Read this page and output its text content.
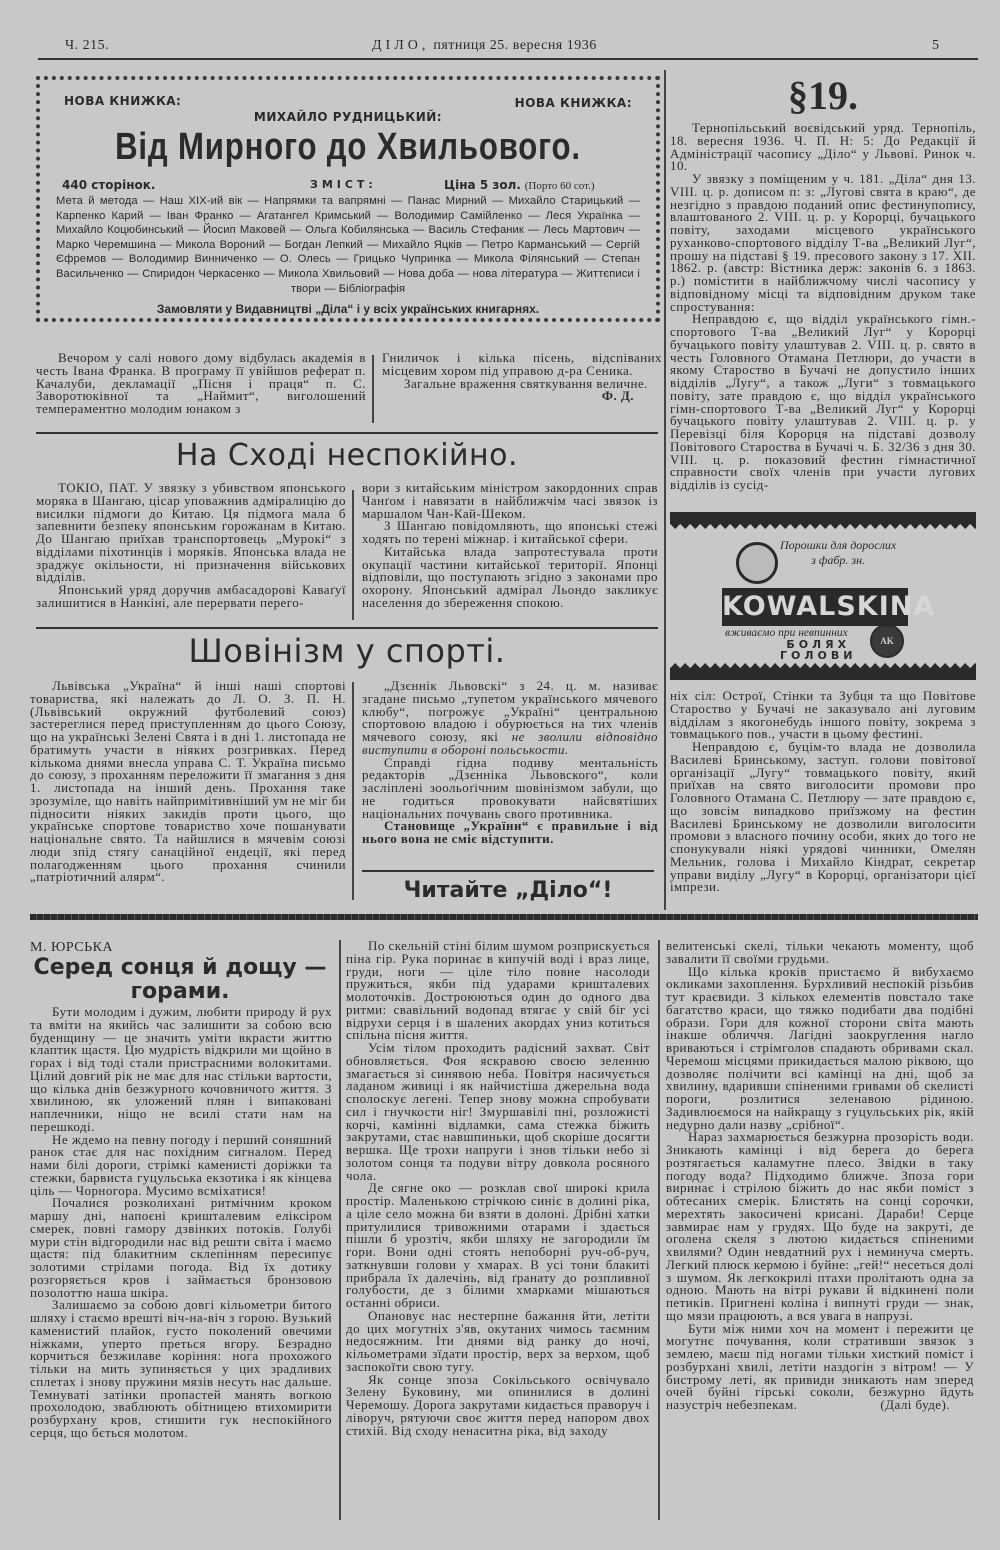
Ч. 215.	ДІЛО, пятниця 25. вересня 1936	5
НОВА КНИЖКА:	НОВА КНИЖКА:
МИХАЙЛО РУДНИЦЬКИЙ:
Від Мирного до Хвильового.
440 сторінок.	ЗМІСТ:	Ціна 5 зол. (Порто 60 сот.)
Мета й метода — Наш XIX-ий вік — Напрямки та вапрямні — Панас Мирний — Михайло Старицький — Карпенко Карий — Іван Франко — Агатангел Кримський — Володимир Самійленко — Леся Українка — Михайло Коцюбинський — Йосип Маковей — Ольга Кобилянська — Василь Стефаник — Лесь Мартович — Марко Черемшина — Микола Вороний — Богдан Лепкий — Михайло Яцків — Петро Карманський — Сергій Єфремов — Володимир Винниченко — О. Олесь — Грицько Чупринка — Микола Філянський — Степан Васильченко — Спиридон Черкасенко — Микола Хвильовий — Нова доба — нова література — Життєписи і твори — Бібліографія
Замовляти у Видавництві „Діла“ і у всіх українських книгарнях.

Вечором у салі нового дому відбулась академія в честь Івана Франка. В програму її увійшов реферат п. Качалуби, декламації „Пісня і праця“ п. С. Заворотюківної та „Наймит“, виголошений темпераментно молодим юнаком з

Гниличок і кілька пісень, відспіваних місцевим хором під управою д-ра Сеника.

Загальне враження святкування величне.

Ф. Д.
На Сході неспокійно.

ТОКІО, ПАТ. У звязку з убивством японського моряка в Шангаю, цісар уповажнив адміралицію до висилки підмоги до Китаю. Ця підмога мала б запевнити безпеку японським горожанам в Китаю. До Шангаю приїхав транспортовець „Мурокі“ з відділами піхотинців і моряків. Японська влада не зраджує окільности, ні призначення військових відділів.

Японський уряд доручив амбасадорові Каваґуї залишитися в Нанкіні, але перервати перего-

вори з китайським міністром закордонних справ Чанґом і навязати в найближчім часі звязок із маршалом Чан-Кай-Шеком.

З Шангаю повідомляють, що японські стежі ходять по терені міжнар. і китайської сфери.

Китайська влада запротестувала проти окупації частини китайської території. Японці відповіли, що поступають згідно з законами про охорону. Японський адмірал Льондо закликує населення до збереження спокою.

Шовінізм у спорті.

Львівська „Україна“ й інші наші спортові товариства, які належать до Л. О. З. П. Н. (Львівський окружний футболевий союз) застереглися перед приступленням до цього Союзу, що на українські Зелені Свята і в дні 1. листопада не братимуть участи в ніяких розгривках. Перед кількома днями внесла управа С. Т. Україна письмо до союзу, з проханням переложити її змагання з дня 1. листопада на інший день. Прохання таке зрозуміле, що навіть найпримітивніший ум не міг би підносити ніяких закидів проти цього, що українське спортове товариство хоче пошанувати національне свято. Та найшлися в мячевім союзі люди зпід стягу санаційної ендеції, які перед полагодженням цього прохання счинили „патріотичний алярм“.

„Дзєннік Львовскі“ з 24. ц. м. називає згадане письмо „тупетом українського мячевого клюбу“, погрожує „Україні“ центральною спортовою владою і обурюється на тих членів мячевого союзу, які не зволили відповідно виступити в обороні польськости.

Справді гідна подиву ментальність редакторів „Дзєнніка Львовского“, коли засліплені зоольоґічним шовінізмом забули, що не годиться провокувати найсвятіших національних почувань свого противника.

Становище „України“ є правильне і від нього вона не сміє відступити.

Читайте „Діло“!
§19.

Тернопільський воєвідський уряд. Тернопіль, 18. вересня 1936. Ч. П. Н: 5: До Редакції й Адміністрації часопису „Діло“ у Львові. Ринок ч. 10.

У звязку з поміщеним у ч. 181. „Діла“ дня 13. VIII. ц. р. дописом п: з: „Лугові свята в краю“, де незгідно з правдою поданий опис фестинупопису, влаштованого 2. VIII. ц. р. у Короpці, бучацького повіту, заходами місцевого українського руханково-спортового відділу Т-ва „Великий Луг“, прошу на підставі § 19. пресового закону з 17. XII. 1862. р. (австр: Вістника держ: законів 6. з 1863. р.) помістити в найближчому числі часопису у відповідному місці та відповідним друком таке спростування:

Неправдою є, що відділ українського гімн.-спортового Т-ва „Великий Луг“ у Короpці бучацького повіту улаштував 2. VIII. ц. р. свято в честь Головного Отамана Петлюри, до участи в якому Староство в Бучачі не допустило інших відділів „Лугу“, а також „Луги“ з товмацького повіту, зате правдою є, що відділ українського гімн-спортового Т-ва „Великий Луг“ у Короpці бучацького повіту улаштував 2. VIII. ц. р. у Перевізці біля Короpця на підставі дозволу Повітового Староства в Бучачі ч. Б. 32/36 з дня 30. VIII. ц. р. показовий фестин гімнастичної справности своїх членів при участи лугових відділів із сусід-

Порошки для дорослих
з фабр. зн.
KOWALSKINA
вживаємо при невпинних
БОЛЯХ
ГОЛОВИ
AK

ніх сіл: Острої, Стінки та Зубця та що Повітове Староство у Бучачі не заказувало ані луговим відділам з якогонебудь іншого повіту, зокрема з товмацького пов., участи в цьому фестині.

Неправдою є, буцім-то влада не дозволила Василеві Бринському, заступ. голови повітової організації „Лугу“ товмацького повіту, який приїхав на свято виголосити промови про Головного Отамана С. Петлюру — зате правдою є, що зовсім випадково приїзжому на фестин Василеві Бринському не дозволили виголосити промови з власного почину особи, яких до того не спонукували ніякі урядові чинники, Омелян Мельник, голова і Михайло Кіндрат, секретар управи виділу „Лугу“ в Короpці, організатори цієї імпрези.

М. ЮРСЬКА
Серед сонця й дощу — горами.

Бути молодим і дужим, любити природу й рух та вміти на якийсь час залишити за собою всю буденщину — це значить уміти вкрасти життю клаптик щастя. Цю мудрість відкрили ми щойно в горах і від тоді стали пристрасними волокитами. Цілий довгий рік не має для нас стільки вартости, що кілька днів безжурного кочовничого життя. З хвилиною, як уложений плян і випаковані наплечники, ніщо не всилі стати нам на перешкоді.

Не ждемо на певну погоду і перший соняшний ранок стає для нас похідним сигналом. Перед нами білі дороги, стрімкі каменисті доріжки та стежки, барвиста гуцульська екзотика і як кінцева ціль — Чорногора. Мусимо всміхатися!

Почалися розколихані ритмічним кроком маршу дні, напоєні кришталевим еліксіром смерек, повні гамору дзвінких потоків. Голубі мури стін відгородили нас від решти світа і маємо щастя: під блакитним склепінням пересипує золотими стрілами погода. Від їх дотику розгоряється кров і займається бронзовою позолоттю наша шкіра.

Залишаємо за собою довгі кільометри битого шляху і стаємо врешті віч-на-віч з горою. Вузький каменистий плайок, густо поколений овечими ніжками, уперто преться вгору. Безрадно корчиться безжилаве коріння: нога прохожого тільки на мить зупиняється у цих зрадливих сплетах і знову пружини мязів несуть нас дальше. Темнуваті затінки пропастей манять вогкою прохолодою, зваблюють обітницею втихомирити розбурхану кров, стишити гук неспокійного серця, що бється молотом.

По скельній стіні білим шумом розприскується піна гір. Рука поринає в кипучій воді і враз лице, груди, ноги — ціле тіло повне насолоди пружиться, якби під ударами кришталевих молоточків. Достроюються один до одного два ритми: свавільний водопад втягає у свій біг усі відрухи серця і в шалених акордах униз котиться спільна пісня життя.

Усім тілом проходить радісний захват. Світ обновляється. Фоя яскравою своєю зеленню змагається зі синявою неба. Повітря насичується ладаном живиці і як найчистіша джерельна вода сполоскує легені. Тепер знову можна спробувати сил і гнучкости ніг! Змуршавілі пні, розложисті корчі, камінні відламки, сама стежка біжить закрутами, стає навшпиньки, щоб скоріше досягти вершка. Ще трохи напруги і знов тільки небо зі золотом сонця та подуви вітру довкола росяного чола.

Де сягне око — розклав свої широкі крила простір. Маленькою стрічкою синіє в долині ріка, а ціле село можна би взяти в долоні. Дрібні хатки притулилися тривожними отарами і здається пішли б урозтіч, якби шляху не загородили їм гори. Вони одні стоять непоборні руч-об-руч, заткнувши голови у хмарах. В усі тони блакиті прибрала їх далечінь, від ґранату до розпливної голубости, де з білими хмарками мішаються останні обриси.

Опановує нас нестерпне бажання йти, летіти до цих могутніх з'яв, окутаних чимось таємним недосяжним. Іти днями від ранку до ночі, кільометрами зїдати простір, верх за верхом, щоб заспокоїти свою тугу.

Як сонце зпоза Сокільського освічувало Зелену Буковину, ми опинилися в долині Черемошу. Дорога закрутами кидається праворуч і ліворуч, рятуючи своє життя перед напором двох стихій. Від сходу ненаситна ріка, від заходу

велитенські скелі, тільки чекають моменту, щоб завалити її своїми грудьми.

Що кілька кроків пристаємо й вибухаємо окликами захоплення. Бурхливий неспокій різьбив тут краєвиди. З кількох елементів повстало таке багатство краси, що тяжко подибати два подібні образи. Гори для кожної сторони світа мають інакше обличчя. Лагідні заокруглення нагло вриваються і стрімголов спадають обривами скал. Черемош місцями прикидається малою ріквою, що дозволяє полічити всі камінці на дні, щоб за хвилину, вдаривши спіненими гривами об скелисті пороги, розлитися зеленавою рідиною. Задивлюємося на найкращу з гуцульських рік, якій недурно дали назву „срібної“.

Нараз захмарюється безжурна прозорість води. Зникають камінці і від берега до берега розтягається каламутне плесо. Звідки в таку погоду вода? Підходимо ближче. Зпоза гори виринає і стрілою біжить до нас якби поміст з обтесаних смерік. Блистять на сонці сорочки, мерехтять закосичені крисані. Дараби! Серце завмирає нам у грудях. Що буде на закруті, де оголена скеля з лютою кидається спіненими хвилями? Один невдатний рух і неминуча смерть. Легкий плюск кермою і буйне: „гей!“ несеться долі з шумом. Як легкокрилі птахи пролітають одна за одною. Мають на вітрі рукави й відкинені поли петиків. Пригнені коліна і випнуті груди — знак, що мязи працюють, а вся увага в напрузі.

Бути між ними хоч на момент і пережити це могутнє почування, коли стративши звязок з землею, маєш під ногами тільки хисткий поміст і розбурхані хвилі, летіти наздогін з вітром! — У бистрому леті, як привиди зникають нам зперед очей буйні гірські соколи, безжурно йдуть назустріч небезпекам.	(Далі буде).
